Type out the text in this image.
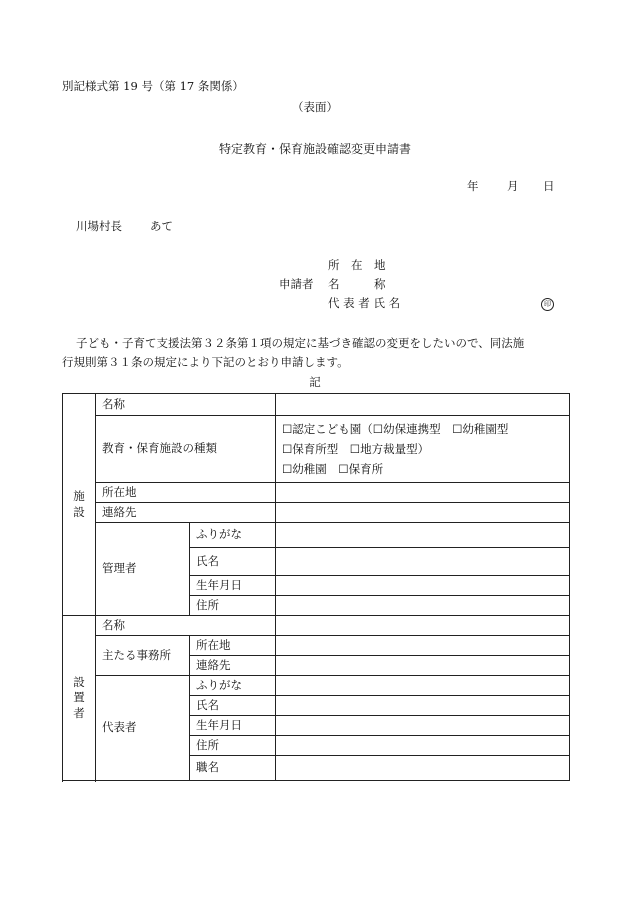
別記様式第 19 号（第 17 条関係）
（表面）
特定教育・保育施設確認変更申請書
年 月 日
川場村長 あて
所　在　地
申請者 名　　　称
代 表 者 氏 名	印
子ども・子育て支援法第３２条第１項の規定に基づき確認の変更をしたいので、同法施
行規則第３１条の規定により下記のとおり申請します。
記
施
設	名称		
	教育・保育施設の種類		☐認定こども園（☐幼保連携型　☐幼稚園型
☐保育所型　☐地方裁量型）
☐幼稚園　☐保育所

	所在地		
	連絡先		
	管理者	ふりがな	
		氏名	

		生年月日	
		住所	

設
置
者	名称		
	主たる事務所	所在地	
		連絡先	
	代表者	ふりがな	
		氏名	
		生年月日	
		住所	
		職名	
